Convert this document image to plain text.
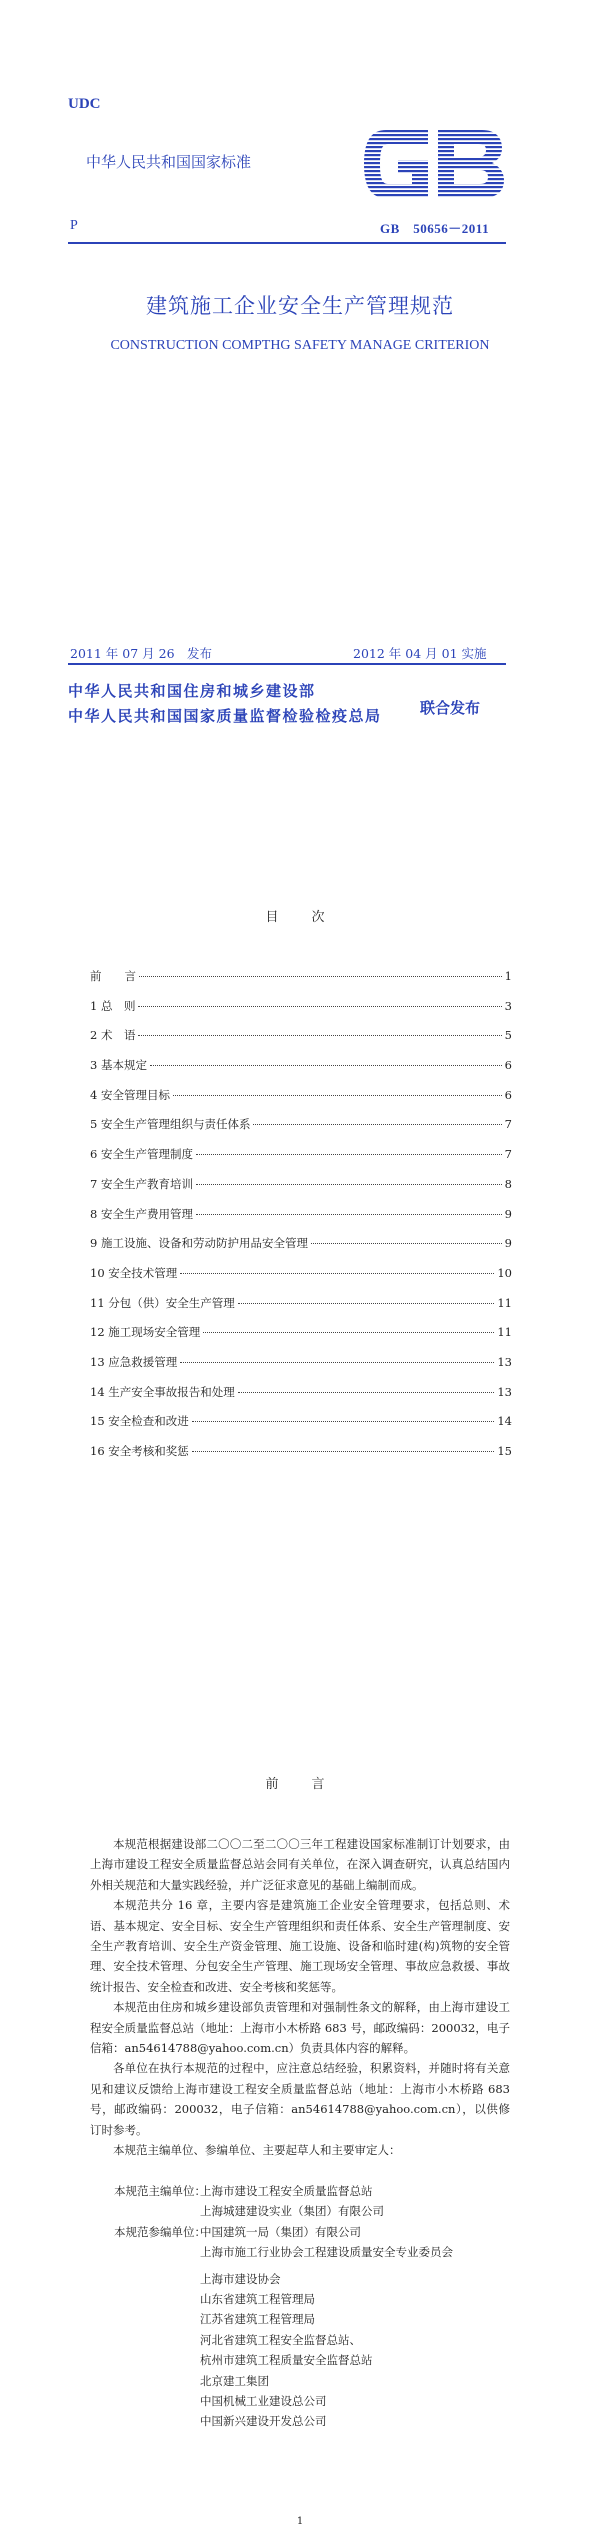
UDC
中华人民共和国国家标准
P	GB　50656－2011
建筑施工企业安全生产管理规范
CONSTRUCTION COMPTHG SAFETY MANAGE CRITERION
2011 年 07 月 26　发布	2012 年 04 月 01 实施
中华人民共和国住房和城乡建设部
中华人民共和国国家质量监督检验检疫总局	联合发布
目　次
前　　言	1
1 总　则	3
2 术　语	5
3 基本规定	6
4 安全管理目标	6
5 安全生产管理组织与责任体系	7
6 安全生产管理制度	7
7 安全生产教育培训	8
8 安全生产费用管理	9
9 施工设施、设备和劳动防护用品安全管理	9
10 安全技术管理	10
11 分包（供）安全生产管理	11
12 施工现场安全管理	11
13 应急救援管理	13
14 生产安全事故报告和处理	13
15 安全检查和改进	14
16 安全考核和奖惩	15
前　言

本规范根据建设部二〇〇二至二〇〇三年工程建设国家标准制订计划要求，由上海市建设工程安全质量监督总站会同有关单位，在深入调查研究，认真总结国内外相关规范和大量实践经验，并广泛征求意见的基础上编制而成。

本规范共分 16 章，主要内容是建筑施工企业安全管理要求，包括总则、术语、基本规定、安全目标、安全生产管理组织和责任体系、安全生产管理制度、安全生产教育培训、安全生产资金管理、施工设施、设备和临时建(构)筑物的安全管理、安全技术管理、分包安全生产管理、施工现场安全管理、事故应急救援、事故统计报告、安全检查和改进、安全考核和奖惩等。

本规范由住房和城乡建设部负责管理和对强制性条文的解释，由上海市建设工程安全质量监督总站（地址：上海市小木桥路 683 号，邮政编码：200032，电子信箱：an54614788@yahoo.com.cn）负责具体内容的解释。

各单位在执行本规范的过程中，应注意总结经验，积累资料，并随时将有关意见和建议反馈给上海市建设工程安全质量监督总站（地址：上海市小木桥路 683 号，邮政编码：200032，电子信箱：an54614788@yahoo.com.cn），以供修订时参考。

本规范主编单位、参编单位、主要起草人和主要审定人：

本规范主编单位：上海市建设工程安全质量监督总站
上海城建建设实业（集团）有限公司
本规范参编单位：中国建筑一局（集团）有限公司
上海市施工行业协会工程建设质量安全专业委员会
上海市建设协会
山东省建筑工程管理局
江苏省建筑工程管理局
河北省建筑工程安全监督总站、
杭州市建筑工程质量安全监督总站
北京建工集团
中国机械工业建设总公司
中国新兴建设开发总公司
1
